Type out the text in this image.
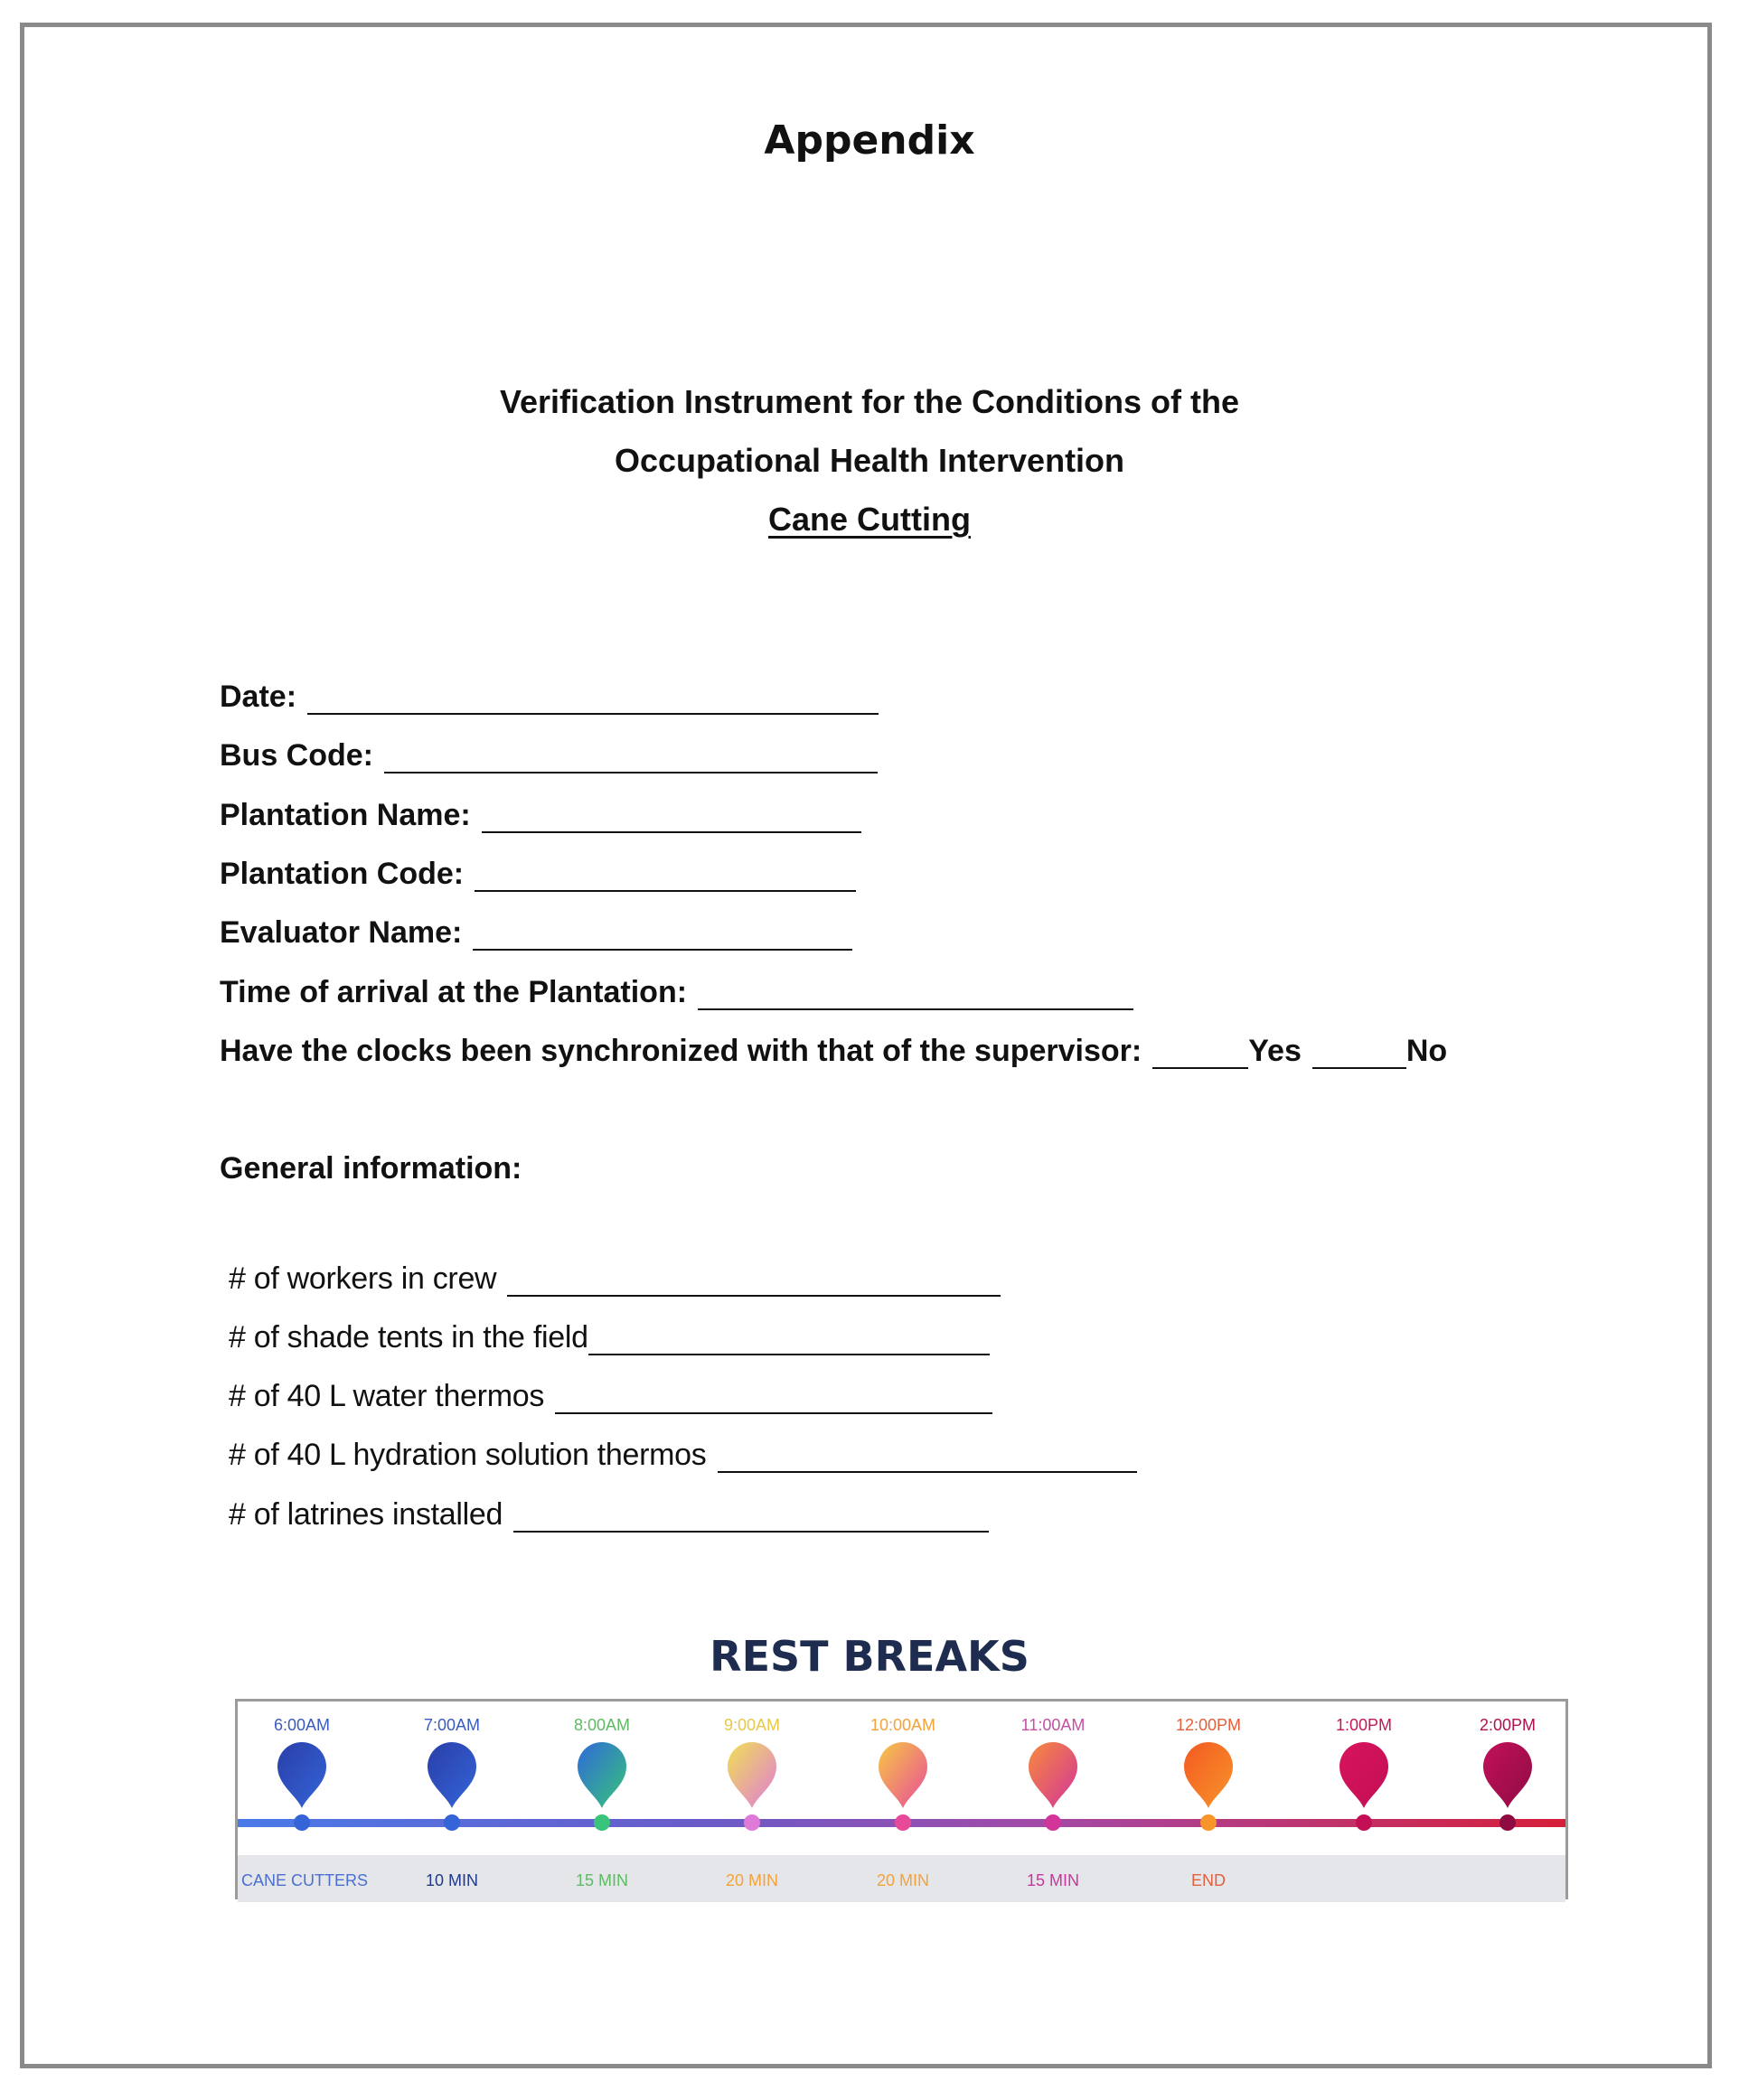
Appendix
Verification Instrument for the Conditions of the
Occupational Health Intervention
Cane Cutting
Date:
Bus Code:
Plantation Name:
Plantation Code:
Evaluator Name:
Time of arrival at the Plantation:
Have the clocks been synchronized with that of the supervisor:	Yes	No
General information:
# of workers in crew
# of shade tents in the field
# of 40 L water thermos
# of 40 L hydration solution thermos
# of latrines installed
REST BREAKS
6:00AM	7:00AM	8:00AM	9:00AM	10:00AM	11:00AM	12:00PM	1:00PM	2:00PM
CANE CUTTERS	10 MIN	15 MIN	20 MIN	20 MIN	15 MIN	END
